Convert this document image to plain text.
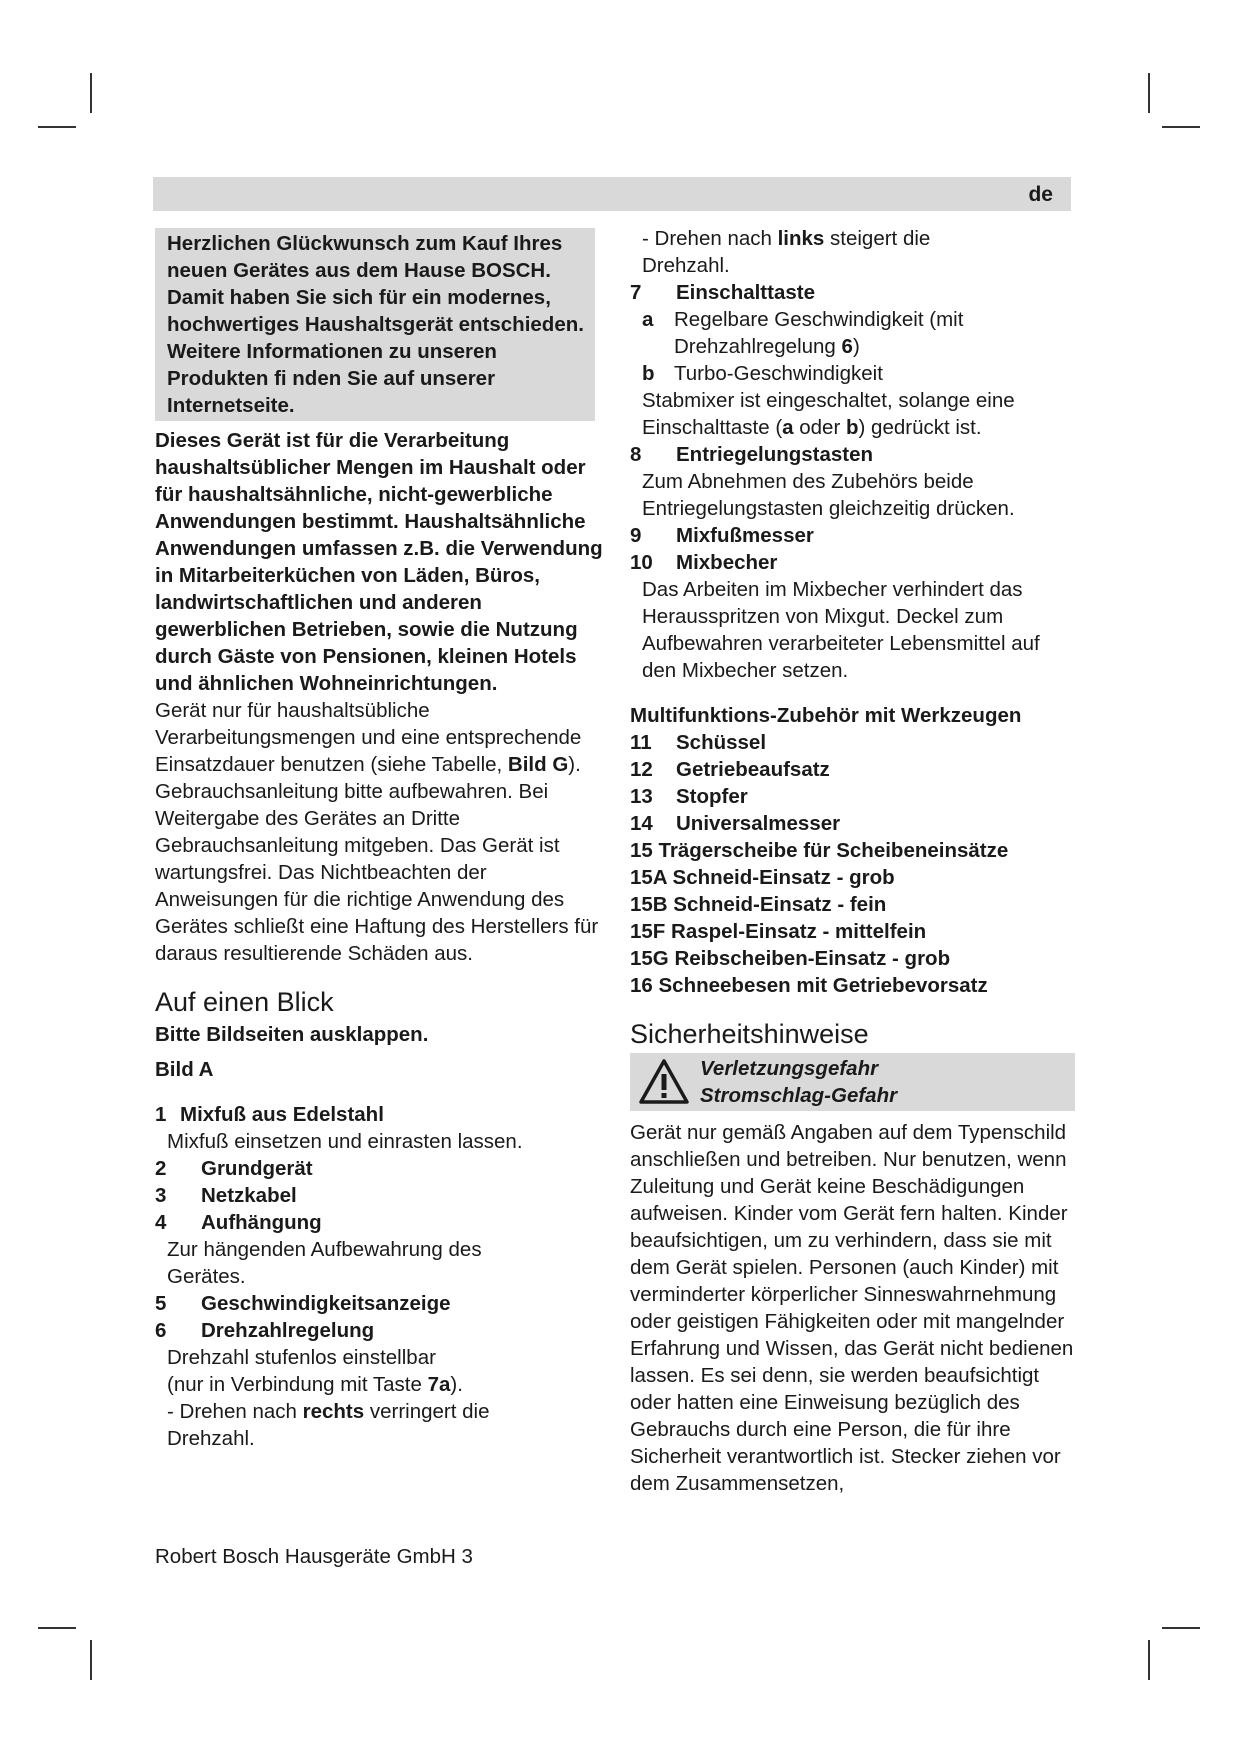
de

Herzlichen Glückwunsch zum Kauf Ihres neuen Gerätes aus dem Hause BOSCH. Damit haben Sie sich für ein modernes, hochwertiges Haushaltsgerät entschieden. Weitere Informationen zu unseren Produkten fi nden Sie auf unserer Internetseite.

Dieses Gerät ist für die Verarbeitung haushaltsüblicher Mengen im Haushalt oder für haushaltsähnliche, nicht-gewerbliche Anwendungen bestimmt. Haushaltsähnliche Anwendungen umfassen z.B. die Verwendung in Mitarbeiterküchen von Läden, Büros, landwirtschaftlichen und anderen gewerblichen Betrieben, sowie die Nutzung durch Gäste von Pensionen, kleinen Hotels und ähnlichen Wohneinrichtungen.

Gerät nur für haushaltsübliche Verarbeitungsmengen und eine entsprechende Einsatzdauer benutzen (siehe Tabelle, Bild G).

Gebrauchsanleitung bitte aufbewahren. Bei Weitergabe des Gerätes an Dritte Gebrauchsanleitung mitgeben. Das Gerät ist wartungsfrei. Das Nichtbeachten der Anweisungen für die richtige Anwendung des Gerätes schließt eine Haftung des Herstellers für daraus resultierende Schäden aus.

Auf einen Blick

Bitte Bildseiten ausklappen.

Bild A

1 Mixfuß aus Edelstahl

Mixfuß einsetzen und einrasten lassen.

2	Grundgerät
3	Netzkabel
4	Aufhängung

Zur hängenden Aufbewahrung des Gerätes.

5	Geschwindigkeitsanzeige
6	Drehzahlregelung

Drehzahl stufenlos einstellbar

(nur in Verbindung mit Taste 7a).

- Drehen nach rechts verringert die Drehzahl.

Robert Bosch Hausgeräte GmbH 3

- Drehen nach links steigert die Drehzahl.

7	Einschalttaste
a	Regelbare Geschwindigkeit (mit Drehzahlregelung 6)
b Turbo-Geschwindigkeit

Stabmixer ist eingeschaltet, solange eine Einschalttaste (a oder b) gedrückt ist.

8	Entriegelungstasten

Zum Abnehmen des Zubehörs beide Entriegelungstasten gleichzeitig drücken.

9	Mixfußmesser
10	Mixbecher

Das Arbeiten im Mixbecher verhindert das Herausspritzen von Mixgut. Deckel zum Aufbewahren verarbeiteter Lebensmittel auf den Mixbecher setzen.

Multifunktions-Zubehör mit Werkzeugen

11	Schüssel
12	Getriebeaufsatz
13	Stopfer
14	Universalmesser

15 Trägerscheibe für Scheibeneinsätze

15A Schneid-Einsatz - grob

15B Schneid-Einsatz - fein

15F Raspel-Einsatz - mittelfein

15G Reibscheiben-Einsatz - grob

16 Schneebesen mit Getriebevorsatz

Sicherheitshinweise
Verletzungsgefahr
Stromschlag-Gefahr

Gerät nur gemäß Angaben auf dem Typenschild anschließen und betreiben. Nur benutzen, wenn Zuleitung und Gerät keine Beschädigungen aufweisen. Kinder vom Gerät fern halten. Kinder beaufsichtigen, um zu verhindern, dass sie mit dem Gerät spielen. Personen (auch Kinder) mit verminderter körperlicher Sinneswahrnehmung oder geistigen Fähigkeiten oder mit mangelnder Erfahrung und Wissen, das Gerät nicht bedienen lassen. Es sei denn, sie werden beaufsichtigt oder hatten eine Einweisung bezüglich des Gebrauchs durch eine Person, die für ihre Sicherheit verantwortlich ist. Stecker ziehen vor dem Zusammensetzen,
